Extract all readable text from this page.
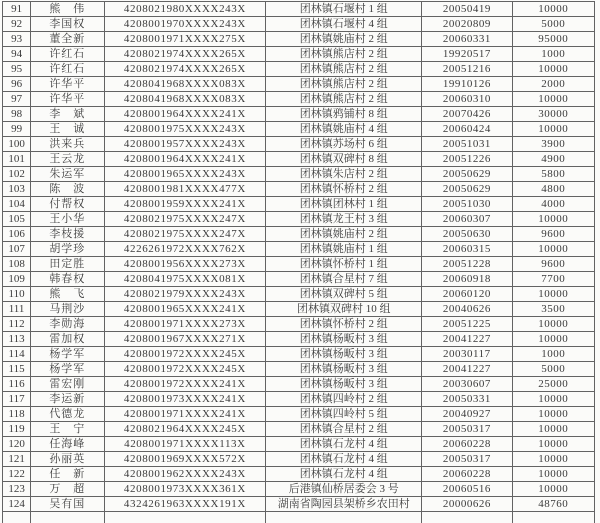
91	熊　伟	4208021980XXXX243X	团林镇石堰村 1 组	20050419	10000
92	李国权	4208001970XXXX243X	团林镇石堰村 4 组	20020809	5000
93	董全新	4208001971XXXX275X	团林镇姚庙村 2 组	20060331	95000
94	许红石	4208021974XXXX265X	团林镇熊店村 2 组	19920517	1000
95	许红石	4208021974XXXX265X	团林镇熊店村 2 组	20051216	10000
96	许华平	4208041968XXXX083X	团林镇熊店村 2 组	19910126	2000
97	许华平	4208041968XXXX083X	团林镇熊店村 2 组	20060310	10000
98	李　斌	4208001964XXXX241X	团林镇鸦铺村 8 组	20070426	30000
99	王　诚	4208001975XXXX243X	团林镇姚庙村 4 组	20060424	10000
100	洪来兵	4208001957XXXX243X	团林镇苏场村 6 组	20051031	3900
101	王云龙	4208001964XXXX241X	团林镇双碑村 8 组	20051226	4900
102	朱运军	4208001965XXXX243X	团林镇朱店村 2 组	20050629	5800
103	陈　波	4208001981XXXX477X	团林镇怀桥村 2 组	20050629	4800
104	付帮权	4208001959XXXX241X	团林镇团林村 1 组	20051030	4000
105	王小华	4208021975XXXX247X	团林镇龙王村 3 组	20060307	10000
106	李枝援	4208021975XXXX247X	团林镇姚庙村 2 组	20050630	9600
107	胡学珍	4226261972XXXX762X	团林镇姚庙村 1 组	20060315	10000
108	田定胜	4208001956XXXX273X	团林镇怀桥村 1 组	20051228	9600
109	韩春权	4208041975XXXX081X	团林镇合星村 7 组	20060918	7700
110	熊　飞	4208021979XXXX243X	团林镇双碑村 5 组	20060120	10000
111	马荆沙	4208001965XXXX241X	团林镇双碑村 10 组	20040626	3500
112	李勋海	4208001971XXXX273X	团林镇怀桥村 2 组	20051225	10000
113	雷加权	4208001967XXXX271X	团林镇杨畈村 3 组	20041227	10000
114	杨学军	4208001972XXXX245X	团林镇杨畈村 3 组	20030117	1000
115	杨学军	4208001972XXXX245X	团林镇杨畈村 3 组	20041227	5000
116	雷宏刚	4208001972XXXX241X	团林镇杨畈村 3 组	20030607	25000
117	李运新	4208001973XXXX241X	团林镇四岭村 2 组	20050331	10000
118	代德龙	4208001971XXXX241X	团林镇四岭村 5 组	20040927	10000
119	王　宁	4208021964XXXX245X	团林镇合星村 2 组	20050317	10000
120	任海峰	4208001971XXXX113X	团林镇石龙村 4 组	20060228	10000
121	孙丽英	4208001969XXXX572X	团林镇石龙村 4 组	20050317	10000
122	任　新	4208001962XXXX243X	团林镇石龙村 4 组	20060228	10000
123	万　超	4208001973XXXX361X	后港镇仙桥居委会 3 号	20060516	10000
124	吴有国	4324261963XXXX191X	湖南省陶园县架桥乡农田村	20000626	48760
